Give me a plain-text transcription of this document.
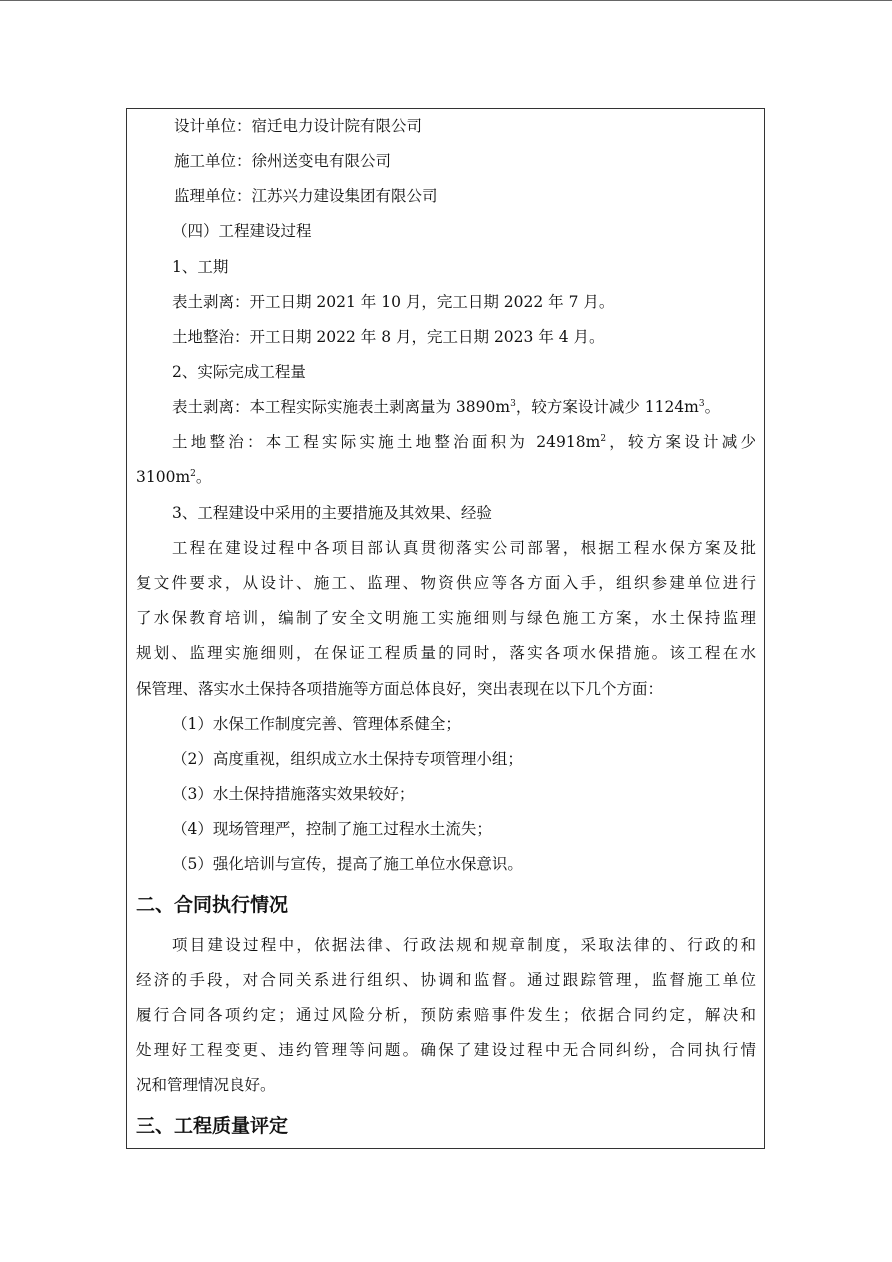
设计单位：宿迁电力设计院有限公司
施工单位：徐州送变电有限公司
监理单位：江苏兴力建设集团有限公司
（四）工程建设过程
1、工期
表土剥离：开工日期 2021 年 10 月，完工日期 2022 年 7 月。
土地整治：开工日期 2022 年 8 月，完工日期 2023 年 4 月。
2、实际完成工程量
表土剥离：本工程实际实施表土剥离量为 $3890m^3$，较方案设计减少 $1124m^3$。
土地整治：本工程实际实施土地整治面积为 $24918m^2$，较方案设计减少
$3100m^2$。
3、工程建设中采用的主要措施及其效果、经验
工程在建设过程中各项目部认真贯彻落实公司部署，根据工程水保方案及批
复文件要求，从设计、施工、监理、物资供应等各方面入手，组织参建单位进行
了水保教育培训，编制了安全文明施工实施细则与绿色施工方案，水土保持监理
规划、监理实施细则，在保证工程质量的同时，落实各项水保措施。该工程在水
保管理、落实水土保持各项措施等方面总体良好，突出表现在以下几个方面：
（1）水保工作制度完善、管理体系健全；
（2）高度重视，组织成立水土保持专项管理小组；
（3）水土保持措施落实效果较好；
（4）现场管理严，控制了施工过程水土流失；
（5）强化培训与宣传，提高了施工单位水保意识。
二、合同执行情况
项目建设过程中，依据法律、行政法规和规章制度，采取法律的、行政的和
经济的手段，对合同关系进行组织、协调和监督。通过跟踪管理，监督施工单位
履行合同各项约定；通过风险分析，预防索赔事件发生；依据合同约定，解决和
处理好工程变更、违约管理等问题。确保了建设过程中无合同纠纷，合同执行情
况和管理情况良好。
三、工程质量评定
